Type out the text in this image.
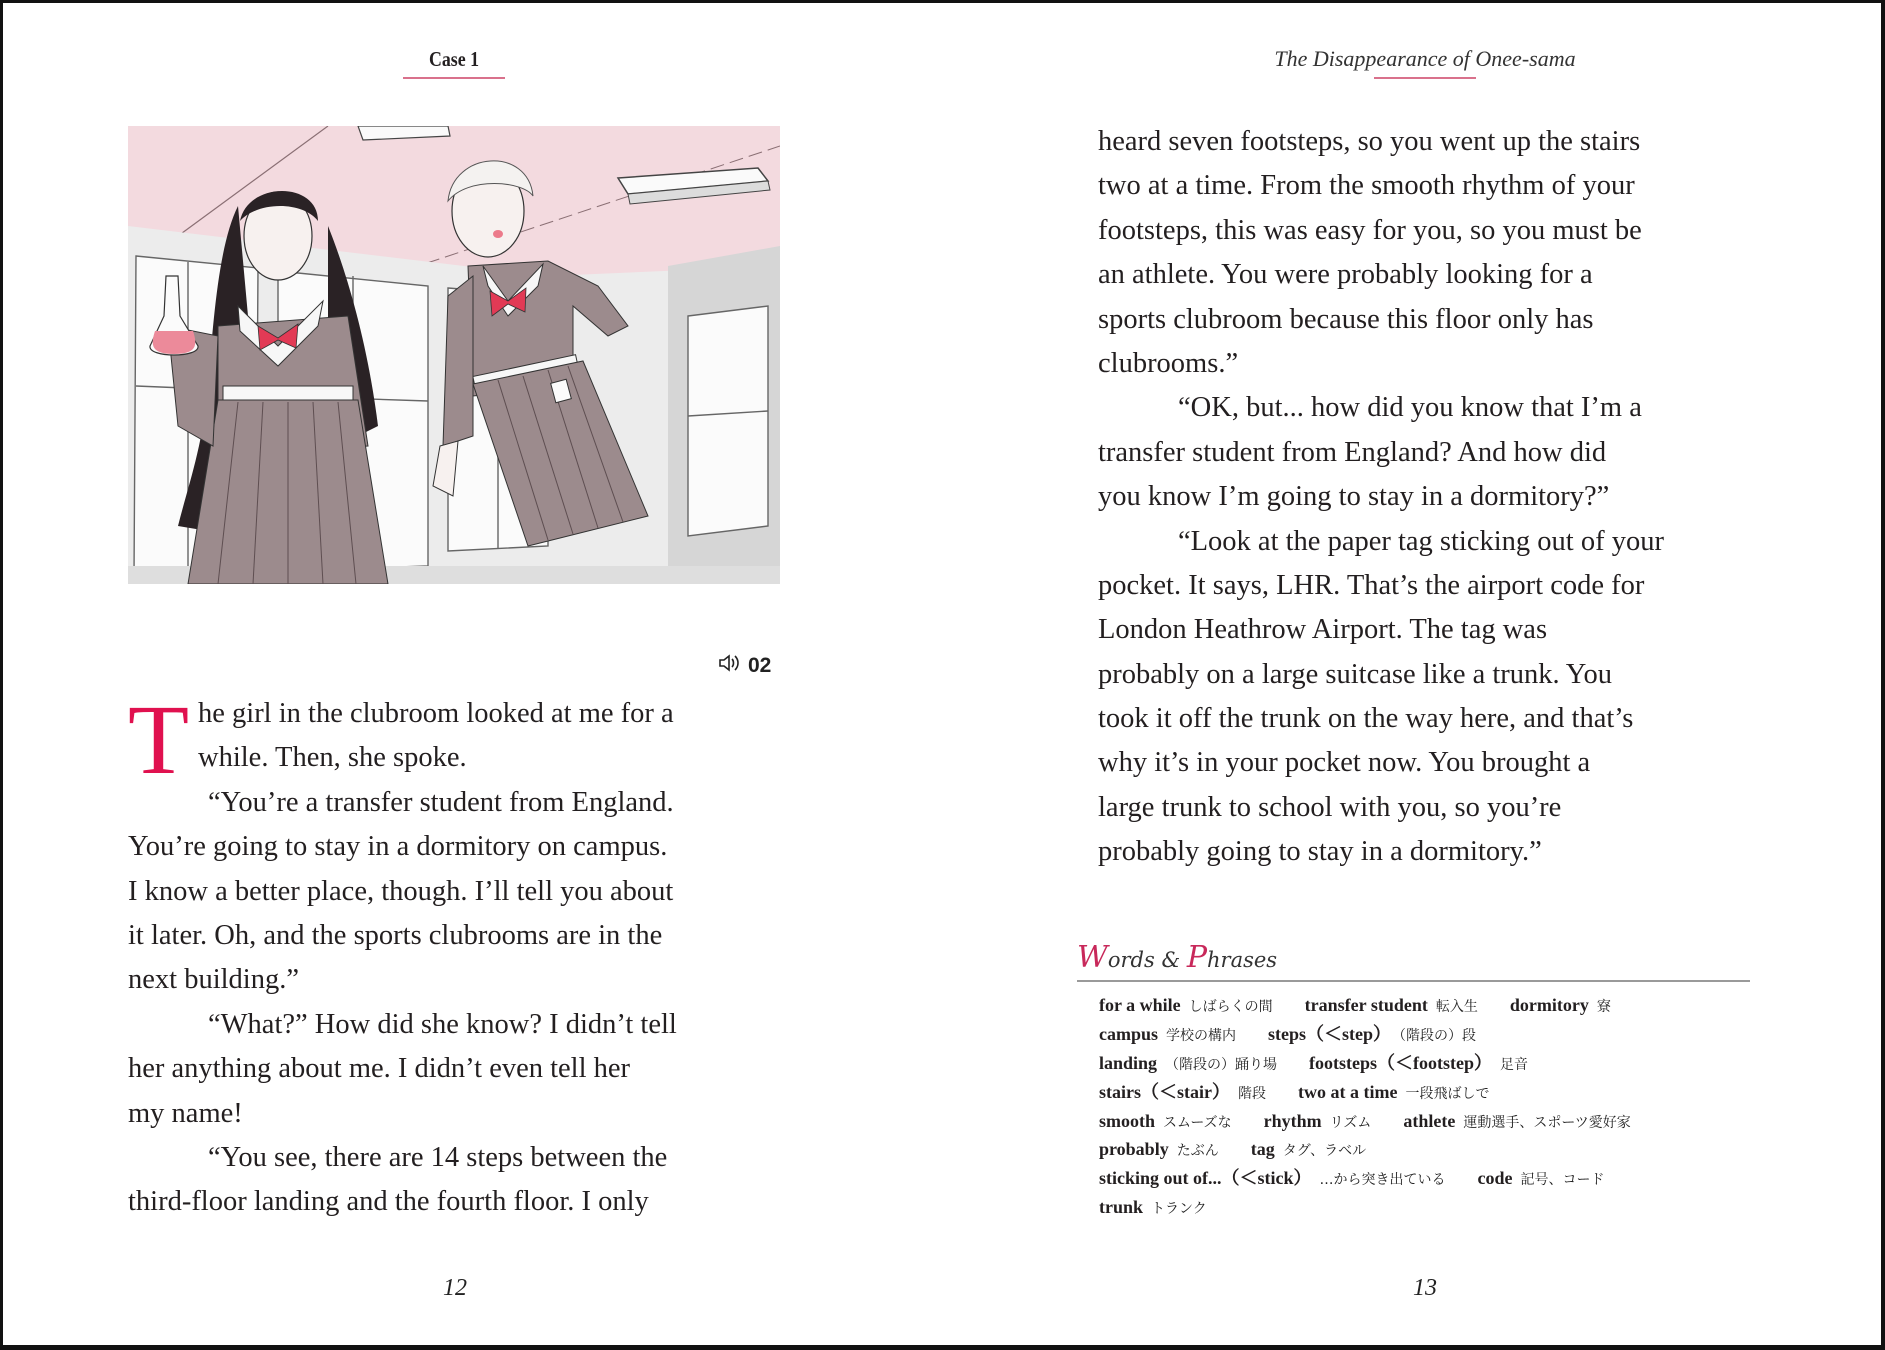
Case 1	The Disappearance of Onee-sama
02
T he girl in the clubroom looked at me for a
while. Then, she spoke.
“You’re a transfer student from England.
You’re going to stay in a dormitory on campus.
I know a better place, though. I’ll tell you about
it later. Oh, and the sports clubrooms are in the
next building.”
“What?” How did she know? I didn’t tell
her anything about me. I didn’t even tell her
my name!
“You see, there are 14 steps between the
third-floor landing and the fourth floor. I only
heard seven footsteps, so you went up the stairs
two at a time. From the smooth rhythm of your
footsteps, this was easy for you, so you must be
an athlete. You were probably looking for a
sports clubroom because this floor only has
clubrooms.”
“OK, but... how did you know that I’m a
transfer student from England? And how did
you know I’m going to stay in a dormitory?”
“Look at the paper tag sticking out of your
pocket. It says, LHR. That’s the airport code for
London Heathrow Airport. The tag was
probably on a large suitcase like a trunk. You
took it off the trunk on the way here, and that’s
why it’s in your pocket now. You brought a
large trunk to school with you, so you’re
probably going to stay in a dormitory.”
Words & Phrases
for a while しばらくの間 transfer student 転入生 dormitory 寮
campus 学校の構内 steps（＜step） （階段の）段
landing （階段の）踊り場 footsteps（＜footstep） 足音
stairs（＜stair） 階段 two at a time 一段飛ばしで
smooth スムーズな rhythm リズム athlete 運動選手、スポーツ愛好家
probably たぶん tag タグ、ラベル
sticking out of...（＜stick） …から突き出ている code 記号、コード
trunk トランク
12	13
